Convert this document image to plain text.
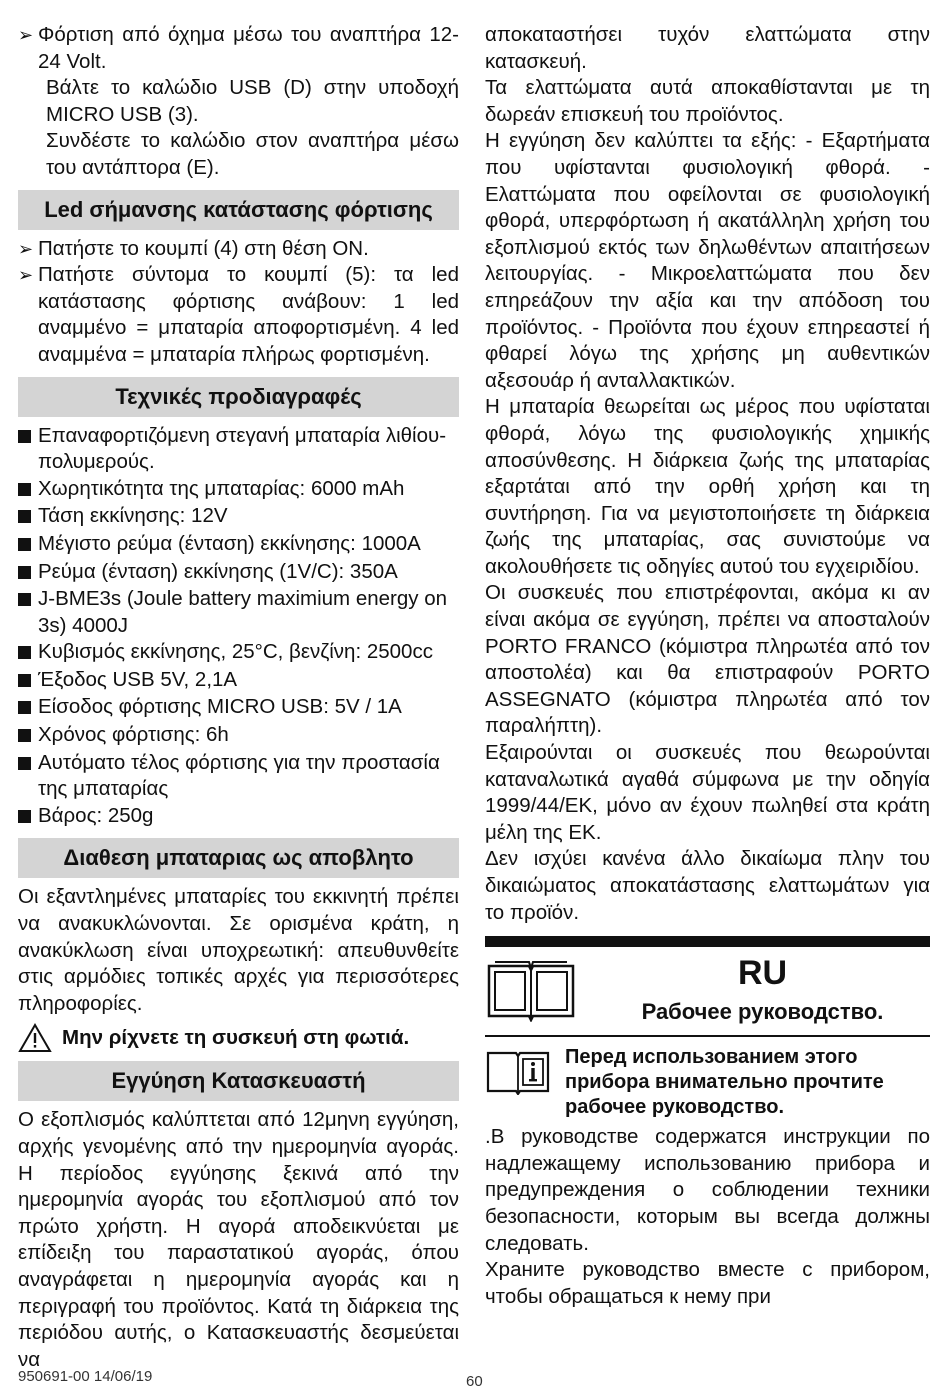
➢ Φόρτιση από όχημα μέσω του αναπτήρα 12-24 Volt.
Βάλτε το καλώδιο USB (D) στην υποδοχή MICRO USB (3).
Συνδέστε το καλώδιο στον αναπτήρα μέσω του αντάπτορα (E).
Led σήμανσης κατάστασης φόρτισης
➢ Πατήστε το κουμπί (4) στη θέση ON.
➢ Πατήστε σύντομα το κουμπί (5): τα led κατάστασης φόρτισης ανάβουν: 1 led αναμμένο = μπαταρία αποφορτισμένη. 4 led αναμμένα = μπαταρία πλήρως φορτισμένη.
Τεχνικές προδιαγραφές
Επαναφορτιζόμενη στεγανή μπαταρία λιθίου-πολυμερούς.
Χωρητικότητα της μπαταρίας: 6000 mAh
Τάση εκκίνησης: 12V
Μέγιστο ρεύμα (ένταση) εκκίνησης: 1000A
Ρεύμα (ένταση) εκκίνησης (1V/C): 350A
J-BME3s (Joule battery maximium energy on 3s) 4000J
Κυβισμός εκκίνησης, 25°C, βενζίνη: 2500cc
Έξοδος USB 5V, 2,1A
Είσοδος φόρτισης MICRO USB: 5V / 1A
Χρόνος φόρτισης: 6h
Αυτόματο τέλος φόρτισης για την προστασία της μπαταρίας
Βάρος: 250g
Διαθεση μπαταριας ως αποβλητο
Οι εξαντλημένες μπαταρίες του εκκινητή πρέπει να ανακυκλώνονται. Σε ορισμένα κράτη, η ανακύκλωση είναι υποχρεωτική: απευθυνθείτε στις αρμόδιες τοπικές αρχές για περισσότερες πληροφορίες.
Μην ρίχνετε τη συσκευή στη φωτιά.
Εγγύηση Κατασκευαστή
Ο εξοπλισμός καλύπτεται από 12μηνη εγγύηση, αρχής γενομένης από την ημερομηνία αγοράς. Η περίοδος εγγύησης ξεκινά από την ημερομηνία αγοράς του εξοπλισμού από τον πρώτο χρήστη. Η αγορά αποδεικνύεται με επίδειξη του παραστατικού αγοράς, όπου αναγράφεται η ημερομηνία αγοράς και η περιγραφή του προϊόντος. Κατά τη διάρκεια της περιόδου αυτής, ο Κατασκευαστής δεσμεύεται να
αποκαταστήσει τυχόν ελαττώματα στην κατασκευή.
Τα ελαττώματα αυτά αποκαθίστανται με τη δωρεάν επισκευή του προϊόντος.
Η εγγύηση δεν καλύπτει τα εξής: - Εξαρτήματα που υφίστανται φυσιολογική φθορά. - Ελαττώματα που οφείλονται σε φυσιολογική φθορά, υπερφόρτωση ή ακατάλληλη χρήση του εξοπλισμού εκτός των δηλωθέντων απαιτήσεων λειτουργίας. - Μικροελαττώματα που δεν επηρεάζουν την αξία και την απόδοση του προϊόντος. - Προϊόντα που έχουν επηρεαστεί ή φθαρεί λόγω της χρήσης μη αυθεντικών αξεσουάρ ή ανταλλακτικών.
Η μπαταρία θεωρείται ως μέρος που υφίσταται φθορά, λόγω της φυσιολογικής χημικής αποσύνθεσης. Η διάρκεια ζωής της μπαταρίας εξαρτάται από την ορθή χρήση και τη συντήρηση. Για να μεγιστοποιήσετε τη διάρκεια ζωής της μπαταρίας, σας συνιστούμε να ακολουθήσετε τις οδηγίες αυτού του εγχειριδίου.
Οι συσκευές που επιστρέφονται, ακόμα κι αν είναι ακόμα σε εγγύηση, πρέπει να αποσταλούν PORTO FRANCO (κόμιστρα πληρωτέα από τον αποστολέα) και θα επιστραφούν PORTO ASSEGNATO (κόμιστρα πληρωτέα από τον παραλήπτη).
Εξαιρούνται οι συσκευές που θεωρούνται καταναλωτικά αγαθά σύμφωνα με την οδηγία 1999/44/ΕΚ, μόνο αν έχουν πωληθεί στα κράτη μέλη της ΕΚ.
Δεν ισχύει κανένα άλλο δικαίωμα πλην του δικαιώματος αποκατάστασης ελαττωμάτων για το προϊόν.
RU
Рабочее руководство.
Перед использованием этого прибора внимательно прочтите рабочее руководство.
.В руководстве содержатся инструкции по надлежащему использованию прибора и предупреждения о соблюдении техники безопасности, которым вы всегда должны следовать.
Храните руководство вместе с прибором, чтобы обращаться к нему при
950691-00 14/06/19	60
